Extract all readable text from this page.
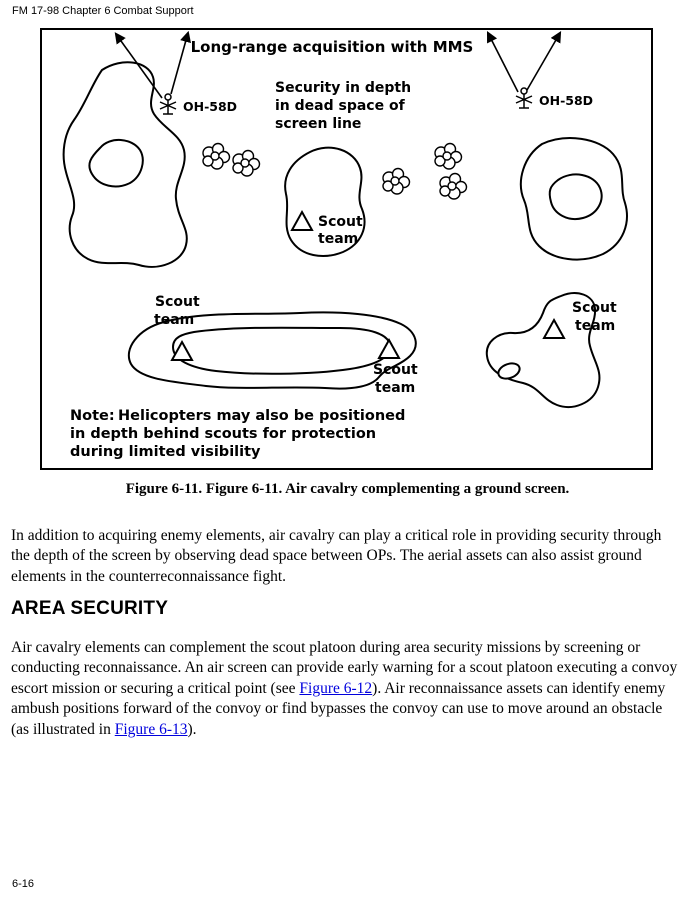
FM 17-98 Chapter 6 Combat Support
Long-range acquisition with MMS
OH-58D	OH-58D
Security in depth
in dead space of
screen line
Scout
team
Scout
team
Scout
team
Scout
team
Note: Helicopters may also be positioned
in depth behind scouts for protection
during limited visibility
Figure 6-11. Figure 6-11. Air cavalry complementing a ground screen.

In addition to acquiring enemy elements, air cavalry can play a critical role in providing security through the depth of the screen by observing dead space between OPs. The aerial assets can also assist ground elements in the counterreconnaissance fight.

AREA SECURITY

Air cavalry elements can complement the scout platoon during area security missions by screening or conducting reconnaissance. An air screen can provide early warning for a scout platoon executing a convoy escort mission or securing a critical point (see Figure 6-12). Air reconnaissance assets can identify enemy ambush positions forward of the convoy or find bypasses the convoy can use to move around an obstacle (as illustrated in Figure 6-13).

6-16
